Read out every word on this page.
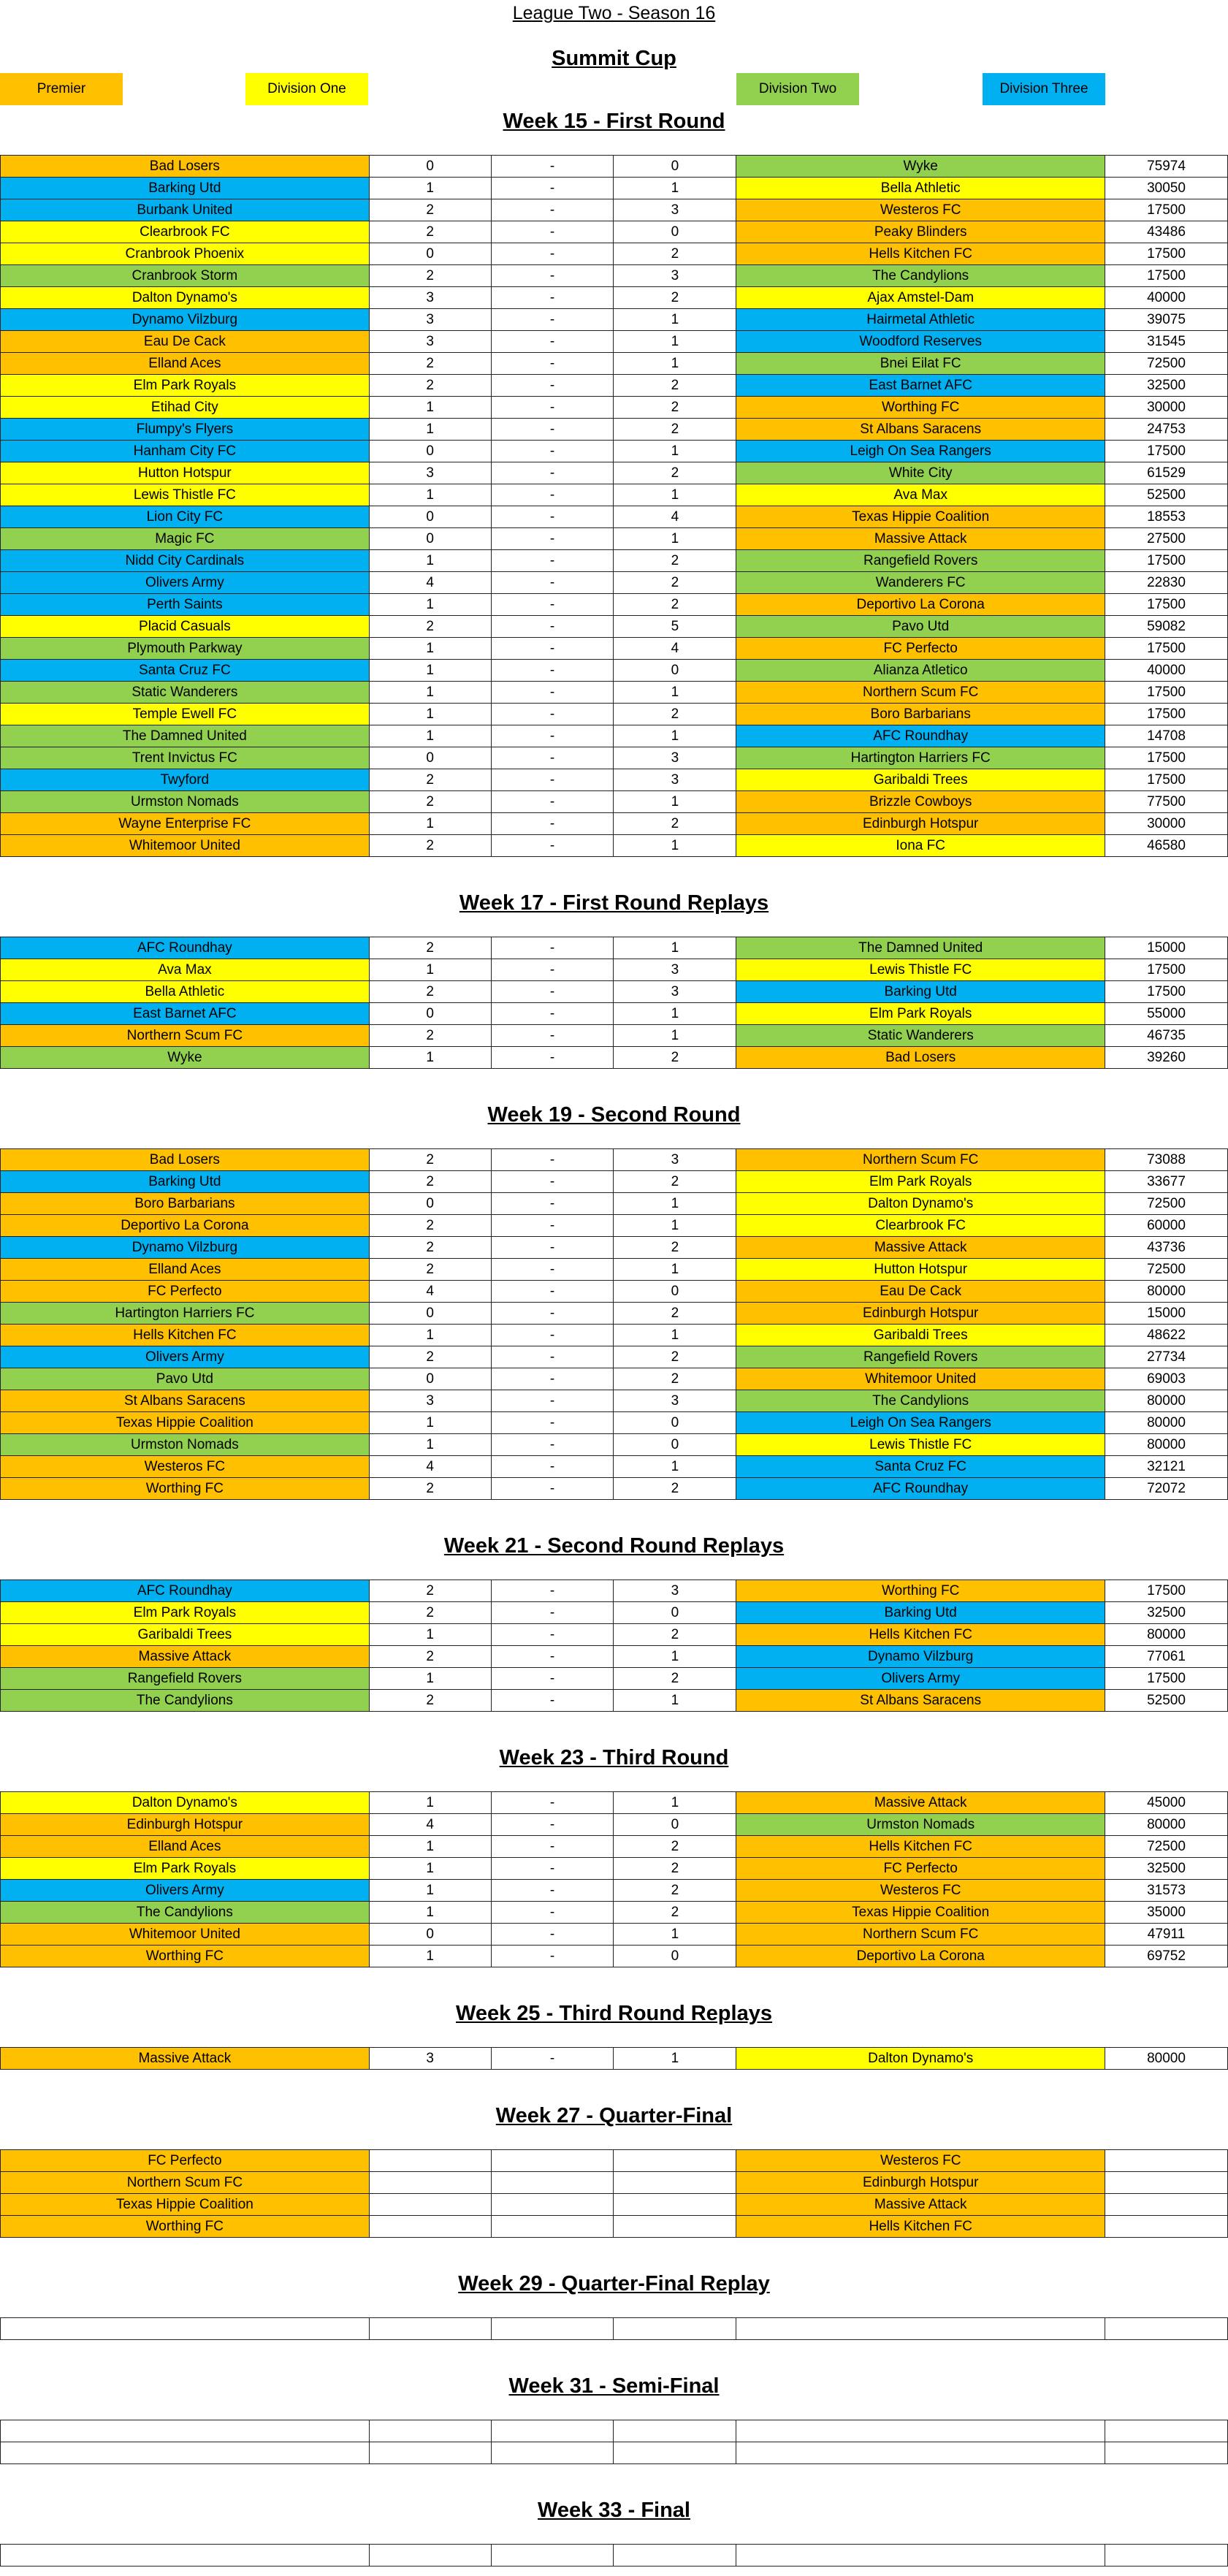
League Two - Season 16
Summit Cup
Premier	Division One	Division Two	Division Three
Week 15 - First Round
Bad Losers	0	-	0	Wyke	75974
Barking Utd	1	-	1	Bella Athletic	30050
Burbank United	2	-	3	Westeros FC	17500
Clearbrook FC	2	-	0	Peaky Blinders	43486
Cranbrook Phoenix	0	-	2	Hells Kitchen FC	17500
Cranbrook Storm	2	-	3	The Candylions	17500
Dalton Dynamo's	3	-	2	Ajax Amstel-Dam	40000
Dynamo Vilzburg	3	-	1	Hairmetal Athletic	39075
Eau De Cack	3	-	1	Woodford Reserves	31545
Elland Aces	2	-	1	Bnei Eilat FC	72500
Elm Park Royals	2	-	2	East Barnet AFC	32500
Etihad City	1	-	2	Worthing FC	30000
Flumpy's Flyers	1	-	2	St Albans Saracens	24753
Hanham City FC	0	-	1	Leigh On Sea Rangers	17500
Hutton Hotspur	3	-	2	White City	61529
Lewis Thistle FC	1	-	1	Ava Max	52500
Lion City FC	0	-	4	Texas Hippie Coalition	18553
Magic FC	0	-	1	Massive Attack	27500
Nidd City Cardinals	1	-	2	Rangefield Rovers	17500
Olivers Army	4	-	2	Wanderers FC	22830
Perth Saints	1	-	2	Deportivo La Corona	17500
Placid Casuals	2	-	5	Pavo Utd	59082
Plymouth Parkway	1	-	4	FC Perfecto	17500
Santa Cruz FC	1	-	0	Alianza Atletico	40000
Static Wanderers	1	-	1	Northern Scum FC	17500
Temple Ewell FC	1	-	2	Boro Barbarians	17500
The Damned United	1	-	1	AFC Roundhay	14708
Trent Invictus FC	0	-	3	Hartington Harriers FC	17500
Twyford	2	-	3	Garibaldi Trees	17500
Urmston Nomads	2	-	1	Brizzle Cowboys	77500
Wayne Enterprise FC	1	-	2	Edinburgh Hotspur	30000
Whitemoor United	2	-	1	Iona FC	46580
Week 17 - First Round Replays
AFC Roundhay	2	-	1	The Damned United	15000
Ava Max	1	-	3	Lewis Thistle FC	17500
Bella Athletic	2	-	3	Barking Utd	17500
East Barnet AFC	0	-	1	Elm Park Royals	55000
Northern Scum FC	2	-	1	Static Wanderers	46735
Wyke	1	-	2	Bad Losers	39260
Week 19 - Second Round
Bad Losers	2	-	3	Northern Scum FC	73088
Barking Utd	2	-	2	Elm Park Royals	33677
Boro Barbarians	0	-	1	Dalton Dynamo's	72500
Deportivo La Corona	2	-	1	Clearbrook FC	60000
Dynamo Vilzburg	2	-	2	Massive Attack	43736
Elland Aces	2	-	1	Hutton Hotspur	72500
FC Perfecto	4	-	0	Eau De Cack	80000
Hartington Harriers FC	0	-	2	Edinburgh Hotspur	15000
Hells Kitchen FC	1	-	1	Garibaldi Trees	48622
Olivers Army	2	-	2	Rangefield Rovers	27734
Pavo Utd	0	-	2	Whitemoor United	69003
St Albans Saracens	3	-	3	The Candylions	80000
Texas Hippie Coalition	1	-	0	Leigh On Sea Rangers	80000
Urmston Nomads	1	-	0	Lewis Thistle FC	80000
Westeros FC	4	-	1	Santa Cruz FC	32121
Worthing FC	2	-	2	AFC Roundhay	72072
Week 21 - Second Round Replays
AFC Roundhay	2	-	3	Worthing FC	17500
Elm Park Royals	2	-	0	Barking Utd	32500
Garibaldi Trees	1	-	2	Hells Kitchen FC	80000
Massive Attack	2	-	1	Dynamo Vilzburg	77061
Rangefield Rovers	1	-	2	Olivers Army	17500
The Candylions	2	-	1	St Albans Saracens	52500
Week 23 - Third Round
Dalton Dynamo's	1	-	1	Massive Attack	45000
Edinburgh Hotspur	4	-	0	Urmston Nomads	80000
Elland Aces	1	-	2	Hells Kitchen FC	72500
Elm Park Royals	1	-	2	FC Perfecto	32500
Olivers Army	1	-	2	Westeros FC	31573
The Candylions	1	-	2	Texas Hippie Coalition	35000
Whitemoor United	0	-	1	Northern Scum FC	47911
Worthing FC	1	-	0	Deportivo La Corona	69752
Week 25 - Third Round Replays
Massive Attack	3	-	1	Dalton Dynamo's	80000
Week 27 - Quarter-Final
FC Perfecto				Westeros FC	
Northern Scum FC				Edinburgh Hotspur	
Texas Hippie Coalition				Massive Attack	
Worthing FC				Hells Kitchen FC	
Week 29 - Quarter-Final Replay

Week 31 - Semi-Final

Week 33 - Final
